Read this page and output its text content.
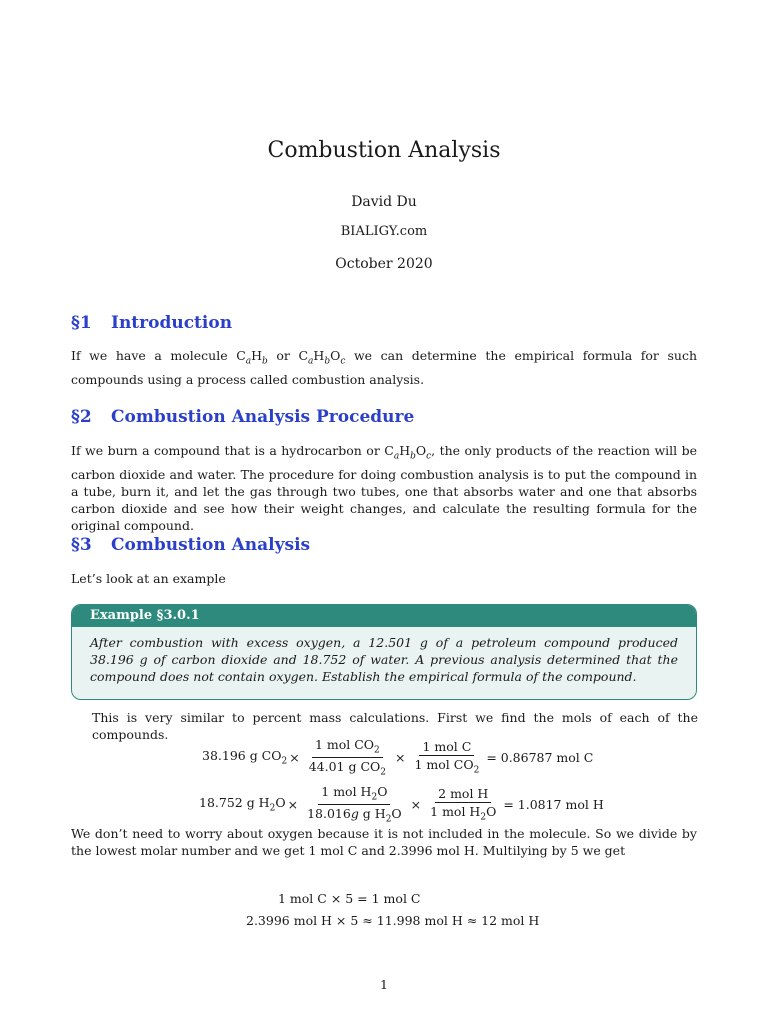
Combustion Analysis
David Du
BIALIGY.com
October 2020
§1 Introduction

If we have a molecule $C_aH_b$ or $C_aH_bO_c$ we can determine the empirical formula for such compounds using a process called combustion analysis.

§2 Combustion Analysis Procedure

If we burn a compound that is a hydrocarbon or $C_aH_bO_c$, the only products of the reaction will be carbon dioxide and water. The procedure for doing combustion analysis is to put the compound in a tube, burn it, and let the gas through two tubes, one that absorbs water and one that absorbs carbon dioxide and see how their weight changes, and calculate the resulting formula for the original compound.

§3 Combustion Analysis
Let’s look at an example
Example §3.0.1
After combustion with excess oxygen, a 12.501 g of a petroleum compound produced 38.196 g of carbon dioxide and 18.752 of water. A previous analysis determined that the compound does not contain oxygen. Establish the empirical formula of the compound.
This is very similar to percent mass calculations. First we find the mols of each of the compounds.
38.196 g $CO_2 \times \frac{1 mol CO_2}{44.01 g CO_2} \times \frac{\text{1 mol C}}{1 mol CO_2} = 0.86787$ mol C
18.752 g $H_2O \times \frac{1 mol H_2O}{18.016g g H_2O} \times \frac{\text{2 mol H}}{1 mol H_2O} = 1.0817$ mol H
We don’t need to worry about oxygen because it is not included in the molecule. So we divide by the lowest molar number and we get 1 mol C and 2.3996 mol H. Multilying by 5 we get
1 mol C × 5 = 1 mol C
2.3996 mol H × 5 ≈ 11.998 mol H ≈ 12 mol H
1
